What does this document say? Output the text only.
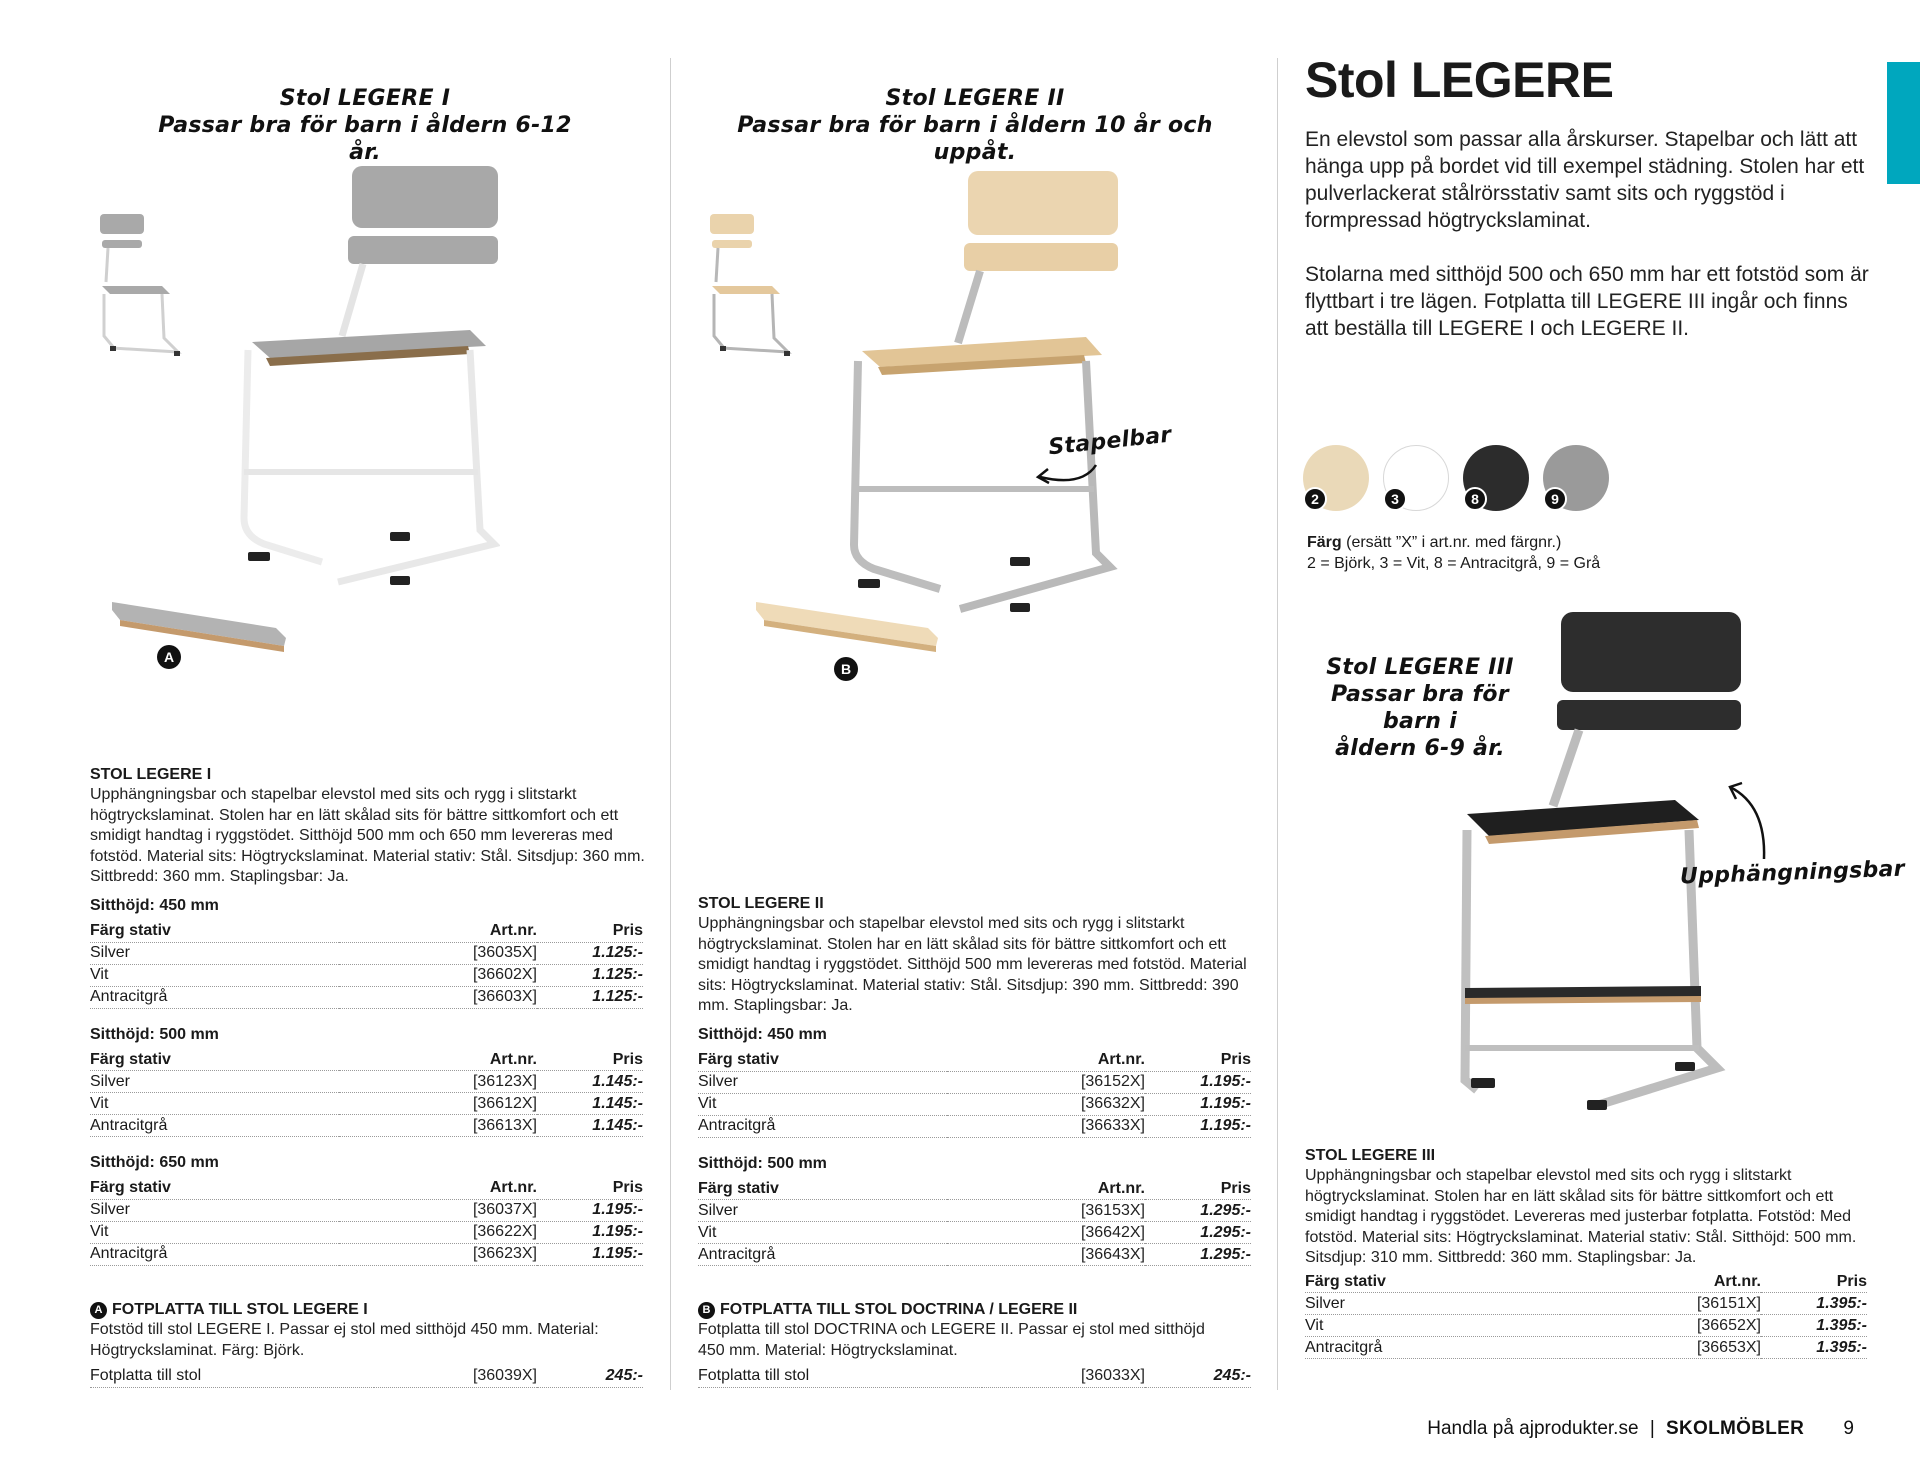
Stol LEGERE I
Passar bra för barn i åldern 6-12 år.
A
STOL LEGERE I
Upphängningsbar och stapelbar elevstol med sits och rygg i slitstarkt högtryckslaminat. Stolen har en lätt skålad sits för bättre sittkomfort och ett smidigt handtag i ryggstödet. Sitthöjd 500 mm och 650 mm levereras med fotstöd. Material sits: Högtryckslaminat. Material stativ: Stål. Sitsdjup: 360 mm. Sittbredd: 360 mm. Staplingsbar: Ja.
Sitthöjd: 450 mm
Färg stativ	Art.nr.	Pris
Silver	[36035X]	1.125:-
Vit	[36602X]	1.125:-
Antracitgrå	[36603X]	1.125:-
Sitthöjd: 500 mm
Färg stativ	Art.nr.	Pris
Silver	[36123X]	1.145:-
Vit	[36612X]	1.145:-
Antracitgrå	[36613X]	1.145:-
Sitthöjd: 650 mm
Färg stativ	Art.nr.	Pris
Silver	[36037X]	1.195:-
Vit	[36622X]	1.195:-
Antracitgrå	[36623X]	1.195:-
A FOTPLATTA TILL STOL LEGERE I
Fotstöd till stol LEGERE I. Passar ej stol med sitthöjd 450 mm. Material: Högtryckslaminat. Färg: Björk.
Fotplatta till stol	[36039X]	245:-
Stol LEGERE II
Passar bra för barn i åldern 10 år och uppåt.
Stapelbar
B
STOL LEGERE II
Upphängningsbar och stapelbar elevstol med sits och rygg i slitstarkt högtryckslaminat. Stolen har en lätt skålad sits för bättre sittkomfort och ett smidigt handtag i ryggstödet. Sitthöjd 500 mm levereras med fotstöd. Material sits: Högtryckslaminat. Material stativ: Stål. Sitsdjup: 390 mm. Sittbredd: 390 mm. Staplingsbar: Ja.
Sitthöjd: 450 mm
Färg stativ	Art.nr.	Pris
Silver	[36152X]	1.195:-
Vit	[36632X]	1.195:-
Antracitgrå	[36633X]	1.195:-
Sitthöjd: 500 mm
Färg stativ	Art.nr.	Pris
Silver	[36153X]	1.295:-
Vit	[36642X]	1.295:-
Antracitgrå	[36643X]	1.295:-
B FOTPLATTA TILL STOL DOCTRINA / LEGERE II
Fotplatta till stol DOCTRINA och LEGERE II. Passar ej stol med sitthöjd 450 mm. Material: Högtryckslaminat.
Fotplatta till stol	[36033X]	245:-
Stol LEGERE
En elevstol som passar alla årskurser. Stapelbar och lätt att hänga upp på bordet vid till exempel städning. Stolen har ett pulverlackerat stålrörsstativ samt sits och ryggstöd i formpressad högtryckslaminat.
Stolarna med sitthöjd 500 och 650 mm har ett fotstöd som är flyttbart i tre lägen. Fotplatta till LEGERE III ingår och finns att beställa till LEGERE I och LEGERE II.
2	3	8	9
Färg (ersätt ”X” i art.nr. med färgnr.)
2 = Björk, 3 = Vit, 8 = Antracitgrå, 9 = Grå
Stol LEGERE III
Passar bra för barn i
åldern 6-9 år.
Upphängningsbar
STOL LEGERE III
Upphängningsbar och stapelbar elevstol med sits och rygg i slitstarkt högtryckslaminat. Stolen har en lätt skålad sits för bättre sittkomfort och ett smidigt handtag i ryggstödet. Levereras med justerbar fotplatta. Fotstöd: Med fotstöd. Material sits: Högtryckslaminat. Material stativ: Stål. Sitthöjd: 500 mm. Sitsdjup: 310 mm. Sittbredd: 360 mm. Staplingsbar: Ja.
Färg stativ	Art.nr.	Pris
Silver	[36151X]	1.395:-
Vit	[36652X]	1.395:-
Antracitgrå	[36653X]	1.395:-
Handla på ajprodukter.se | SKOLMÖBLER 9
